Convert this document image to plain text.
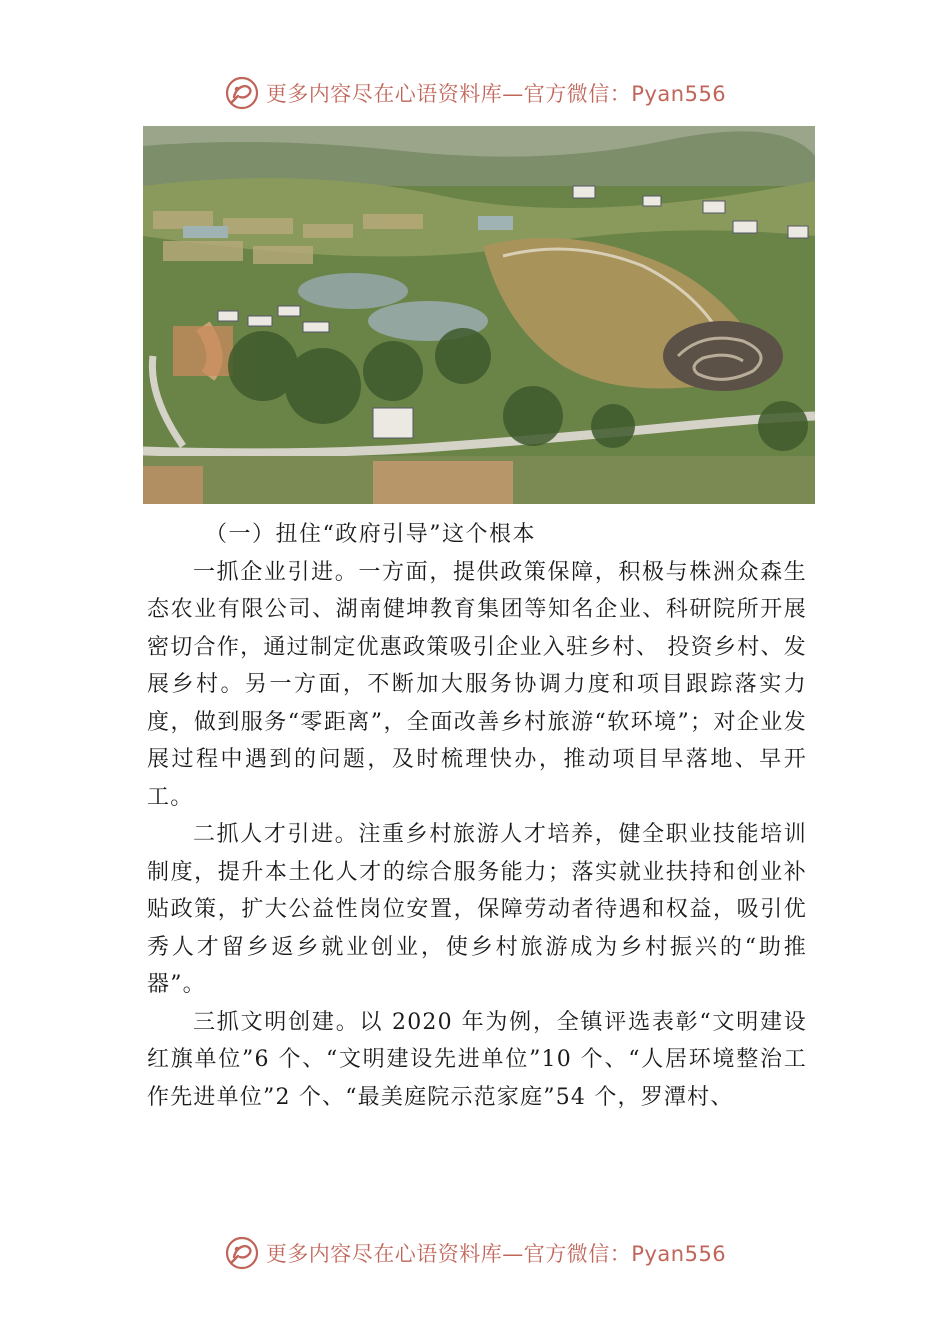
更多内容尽在心语资料库—官方微信：Pyan556

（一）扭住“政府引导”这个根本

一抓企业引进。一方面，提供政策保障，积极与株洲众森生态农业有限公司、湖南健坤教育集团等知名企业、科研院所开展密切合作，通过制定优惠政策吸引企业入驻乡村、 投资乡村、发展乡村。另一方面，不断加大服务协调力度和项目跟踪落实力度，做到服务“零距离”，全面改善乡村旅游“软环境”；对企业发展过程中遇到的问题，及时梳理快办，推动项目早落地、早开工。

二抓人才引进。注重乡村旅游人才培养，健全职业技能培训制度，提升本土化人才的综合服务能力；落实就业扶持和创业补贴政策，扩大公益性岗位安置，保障劳动者待遇和权益，吸引优秀人才留乡返乡就业创业，使乡村旅游成为乡村振兴的“助推器”。

三抓文明创建。以 2020 年为例，全镇评选表彰“文明建设红旗单位”6 个、“文明建设先进单位”10 个、“人居环境整治工作先进单位”2 个、“最美庭院示范家庭”54 个，罗潭村、

更多内容尽在心语资料库—官方微信：Pyan556
